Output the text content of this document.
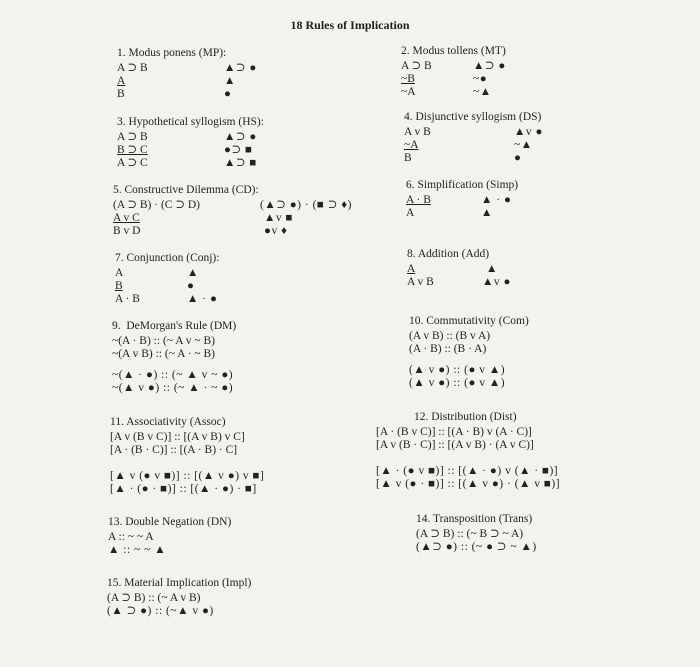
18 Rules of Implication
1. Modus ponens (MP):
A ⊃ B
A
B
▲⊃ ●
▲
●
2. Modus tollens (MT)
A ⊃ B
~B
~A
▲⊃ ●
~●
~▲
3. Hypothetical syllogism (HS):
A ⊃ B
B ⊃ C
A ⊃ C
▲⊃ ●
●⊃ ■
▲⊃ ■
4. Disjunctive syllogism (DS)
A v B
~A
B
▲v ●
~▲
●
5. Constructive Dilemma (CD):
(A ⊃ B) · (C ⊃ D)
A v C
B v D
(▲⊃ ●) · (■ ⊃ ♦)
▲v ■
●v ♦
6. Simplification (Simp)
A · B
A
▲ · ●
▲
7. Conjunction (Conj):
A
B
A · B
▲
●
▲ · ●
8. Addition (Add)
A
A v B
▲
▲v ●
9.  DeMorgan's Rule (DM)
~(A · B) :: (~ A v ~ B)
~(A v B) :: (~ A · ~ B)
~(▲ · ●) :: (~ ▲ v ~ ●)
~(▲ v ●) :: (~ ▲ · ~ ●)
10. Commutativity (Com)
(A v B) :: (B v A)
(A · B) :: (B · A)
(▲ v ●) :: (● v ▲)
(▲ v ●) :: (● v ▲)
11. Associativity (Assoc)
[A v (B v C)] :: [(A v B) v C]
[A · (B · C)] :: [(A · B) · C]
[▲ v (● v ■)] :: [(▲ v ●) v ■]
[▲ · (● · ■)] :: [(▲ · ●) · ■]
12. Distribution (Dist)
[A · (B v C)] :: [(A · B) v (A · C)]
[A v (B · C)] :: [(A v B) · (A v C)]
[▲ · (● v ■)] :: [(▲ · ●) v (▲ · ■)]
[▲ v (● · ■)] :: [(▲ v ●) · (▲ v ■)]
13. Double Negation (DN)
A :: ~ ~ A
▲ :: ~ ~ ▲
14. Transposition (Trans)
(A ⊃ B) :: (~ B ⊃ ~ A)
(▲⊃ ●) :: (~ ● ⊃ ~ ▲)
15. Material Implication (Impl)
(A ⊃ B) :: (~ A v B)
(▲ ⊃ ●) :: (~▲ v ●)
